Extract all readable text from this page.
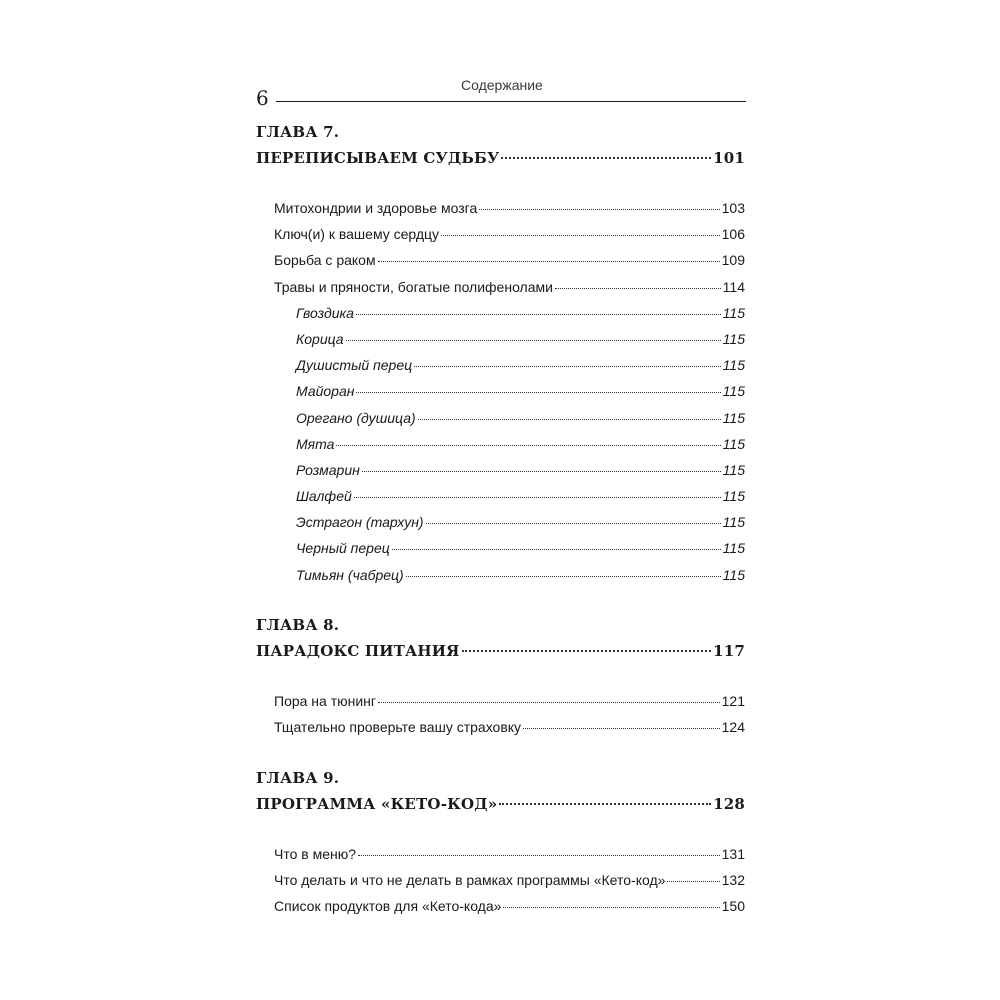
6
Содержание
ГЛАВА 7.
ПЕРЕПИСЫВАЕМ СУДЬБУ	101
Митохондрии и здоровье мозга	103
Ключ(и) к вашему сердцу	106
Борьба с раком	109
Травы и пряности, богатые полифенолами	114
Гвоздика	115
Корица	115
Душистый перец	115
Майоран	115
Орегано (душица)	115
Мята	115
Розмарин	115
Шалфей	115
Эстрагон (тархун)	115
Черный перец	115
Тимьян (чабрец)	115
ГЛАВА 8.
ПАРАДОКС ПИТАНИЯ	117
Пора на тюнинг	121
Тщательно проверьте вашу страховку	124
ГЛАВА 9.
ПРОГРАММА «КЕТО-КОД»	128
Что в меню?	131
Что делать и что не делать в рамках программы «Кето-код»	132
Список продуктов для «Кето-кода»	150
